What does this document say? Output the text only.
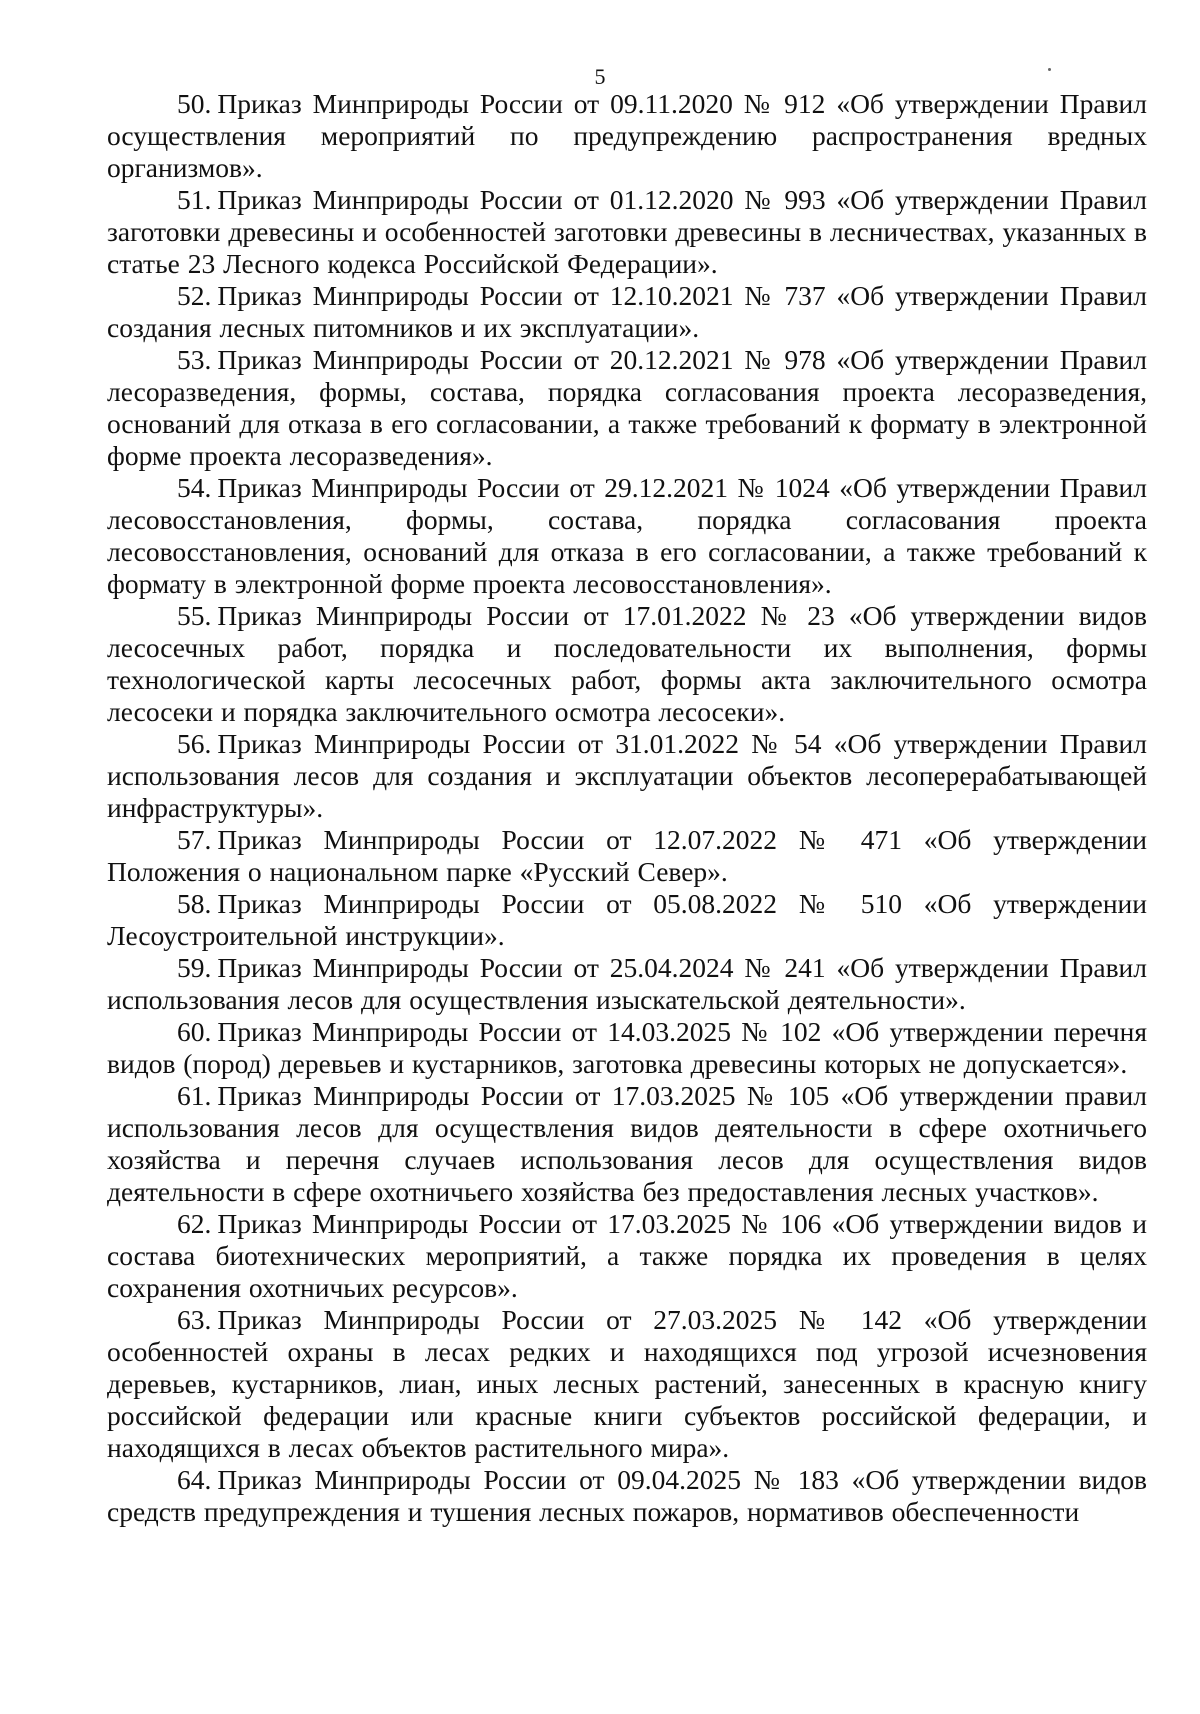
5

50. Приказ Минприроды России от 09.11.2020 № 912 «Об утверждении Правил осуществления мероприятий по предупреждению распространения вредных организмов».

51. Приказ Минприроды России от 01.12.2020 № 993 «Об утверждении Правил заготовки древесины и особенностей заготовки древесины в лесничествах, указанных в статье 23 Лесного кодекса Российской Федерации».

52. Приказ Минприроды России от 12.10.2021 № 737 «Об утверждении Правил создания лесных питомников и их эксплуатации».

53. Приказ Минприроды России от 20.12.2021 № 978 «Об утверждении Правил лесоразведения, формы, состава, порядка согласования проекта лесоразведения, оснований для отказа в его согласовании, а также требований к формату в электронной форме проекта лесоразведения».

54. Приказ Минприроды России от 29.12.2021 № 1024 «Об утверждении Правил лесовосстановления, формы, состава, порядка согласования проекта лесовосстановления, оснований для отказа в его согласовании, а также требований к формату в электронной форме проекта лесовосстановления».

55. Приказ Минприроды России от 17.01.2022 № 23 «Об утверждении видов лесосечных работ, порядка и последовательности их выполнения, формы технологической карты лесосечных работ, формы акта заключительного осмотра лесосеки и порядка заключительного осмотра лесосеки».

56. Приказ Минприроды России от 31.01.2022 № 54 «Об утверждении Правил использования лесов для создания и эксплуатации объектов лесоперерабатывающей инфраструктуры».

57. Приказ Минприроды России от 12.07.2022 № 471 «Об утверждении Положения о национальном парке «Русский Север».

58. Приказ Минприроды России от 05.08.2022 № 510 «Об утверждении Лесоустроительной инструкции».

59. Приказ Минприроды России от 25.04.2024 № 241 «Об утверждении Правил использования лесов для осуществления изыскательской деятельности».

60. Приказ Минприроды России от 14.03.2025 № 102 «Об утверждении перечня видов (пород) деревьев и кустарников, заготовка древесины которых не допускается».

61. Приказ Минприроды России от 17.03.2025 № 105 «Об утверждении правил использования лесов для осуществления видов деятельности в сфере охотничьего хозяйства и перечня случаев использования лесов для осуществления видов деятельности в сфере охотничьего хозяйства без предоставления лесных участков».

62. Приказ Минприроды России от 17.03.2025 № 106 «Об утверждении видов и состава биотехнических мероприятий, а также порядка их проведения в целях сохранения охотничьих ресурсов».

63. Приказ Минприроды России от 27.03.2025 № 142 «Об утверждении особенностей охраны в лесах редких и находящихся под угрозой исчезновения деревьев, кустарников, лиан, иных лесных растений, занесенных в красную книгу российской федерации или красные книги субъектов российской федерации, и находящихся в лесах объектов растительного мира».

64. Приказ Минприроды России от 09.04.2025 № 183 «Об утверждении видов средств предупреждения и тушения лесных пожаров, нормативов обеспеченности
